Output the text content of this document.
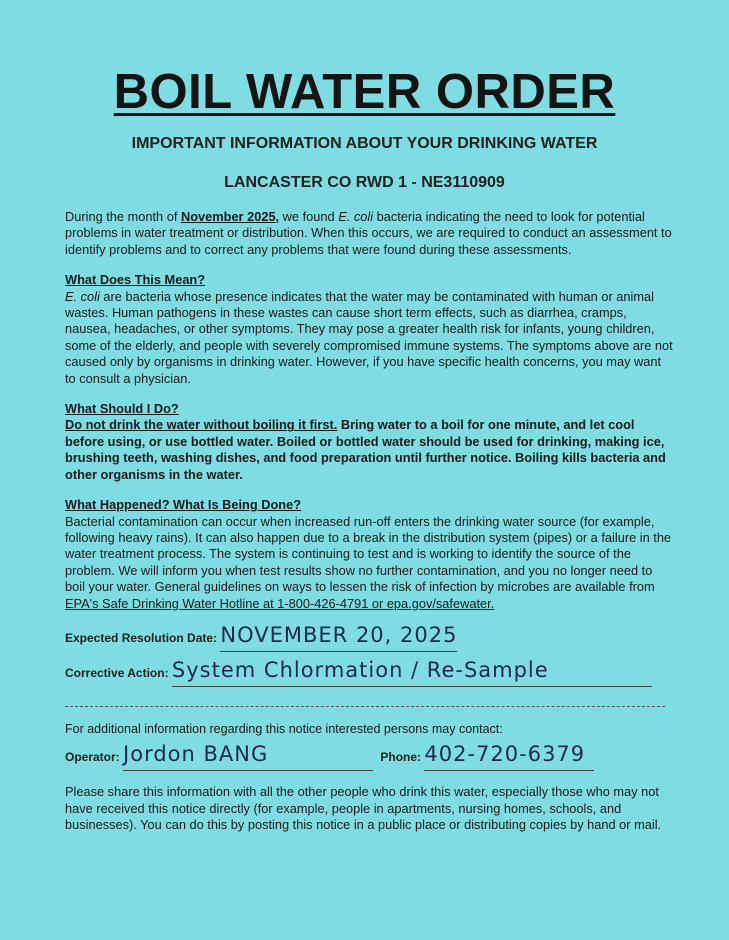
BOIL WATER ORDER
IMPORTANT INFORMATION ABOUT YOUR DRINKING WATER
LANCASTER CO RWD 1 - NE3110909
During the month of November 2025, we found E. coli bacteria indicating the need to look for potential problems in water treatment or distribution. When this occurs, we are required to conduct an assessment to identify problems and to correct any problems that were found during these assessments.
What Does This Mean?
E. coli are bacteria whose presence indicates that the water may be contaminated with human or animal wastes. Human pathogens in these wastes can cause short term effects, such as diarrhea, cramps, nausea, headaches, or other symptoms. They may pose a greater health risk for infants, young children, some of the elderly, and people with severely compromised immune systems. The symptoms above are not caused only by organisms in drinking water. However, if you have specific health concerns, you may want to consult a physician.
What Should I Do?
Do not drink the water without boiling it first. Bring water to a boil for one minute, and let cool before using, or use bottled water. Boiled or bottled water should be used for drinking, making ice, brushing teeth, washing dishes, and food preparation until further notice. Boiling kills bacteria and other organisms in the water.
What Happened? What Is Being Done?
Bacterial contamination can occur when increased run-off enters the drinking water source (for example, following heavy rains). It can also happen due to a break in the distribution system (pipes) or a failure in the water treatment process. The system is continuing to test and is working to identify the source of the problem. We will inform you when test results show no further contamination, and you no longer need to boil your water. General guidelines on ways to lessen the risk of infection by microbes are available from EPA's Safe Drinking Water Hotline at 1-800-426-4791 or epa.gov/safewater.
Expected Resolution Date: NOVEMBER 20, 2025
Corrective Action: System Chlormation / Re-Sample
For additional information regarding this notice interested persons may contact:
Operator: Jordon BANG	Phone: 402-720-6379
Please share this information with all the other people who drink this water, especially those who may not have received this notice directly (for example, people in apartments, nursing homes, schools, and businesses). You can do this by posting this notice in a public place or distributing copies by hand or mail.
